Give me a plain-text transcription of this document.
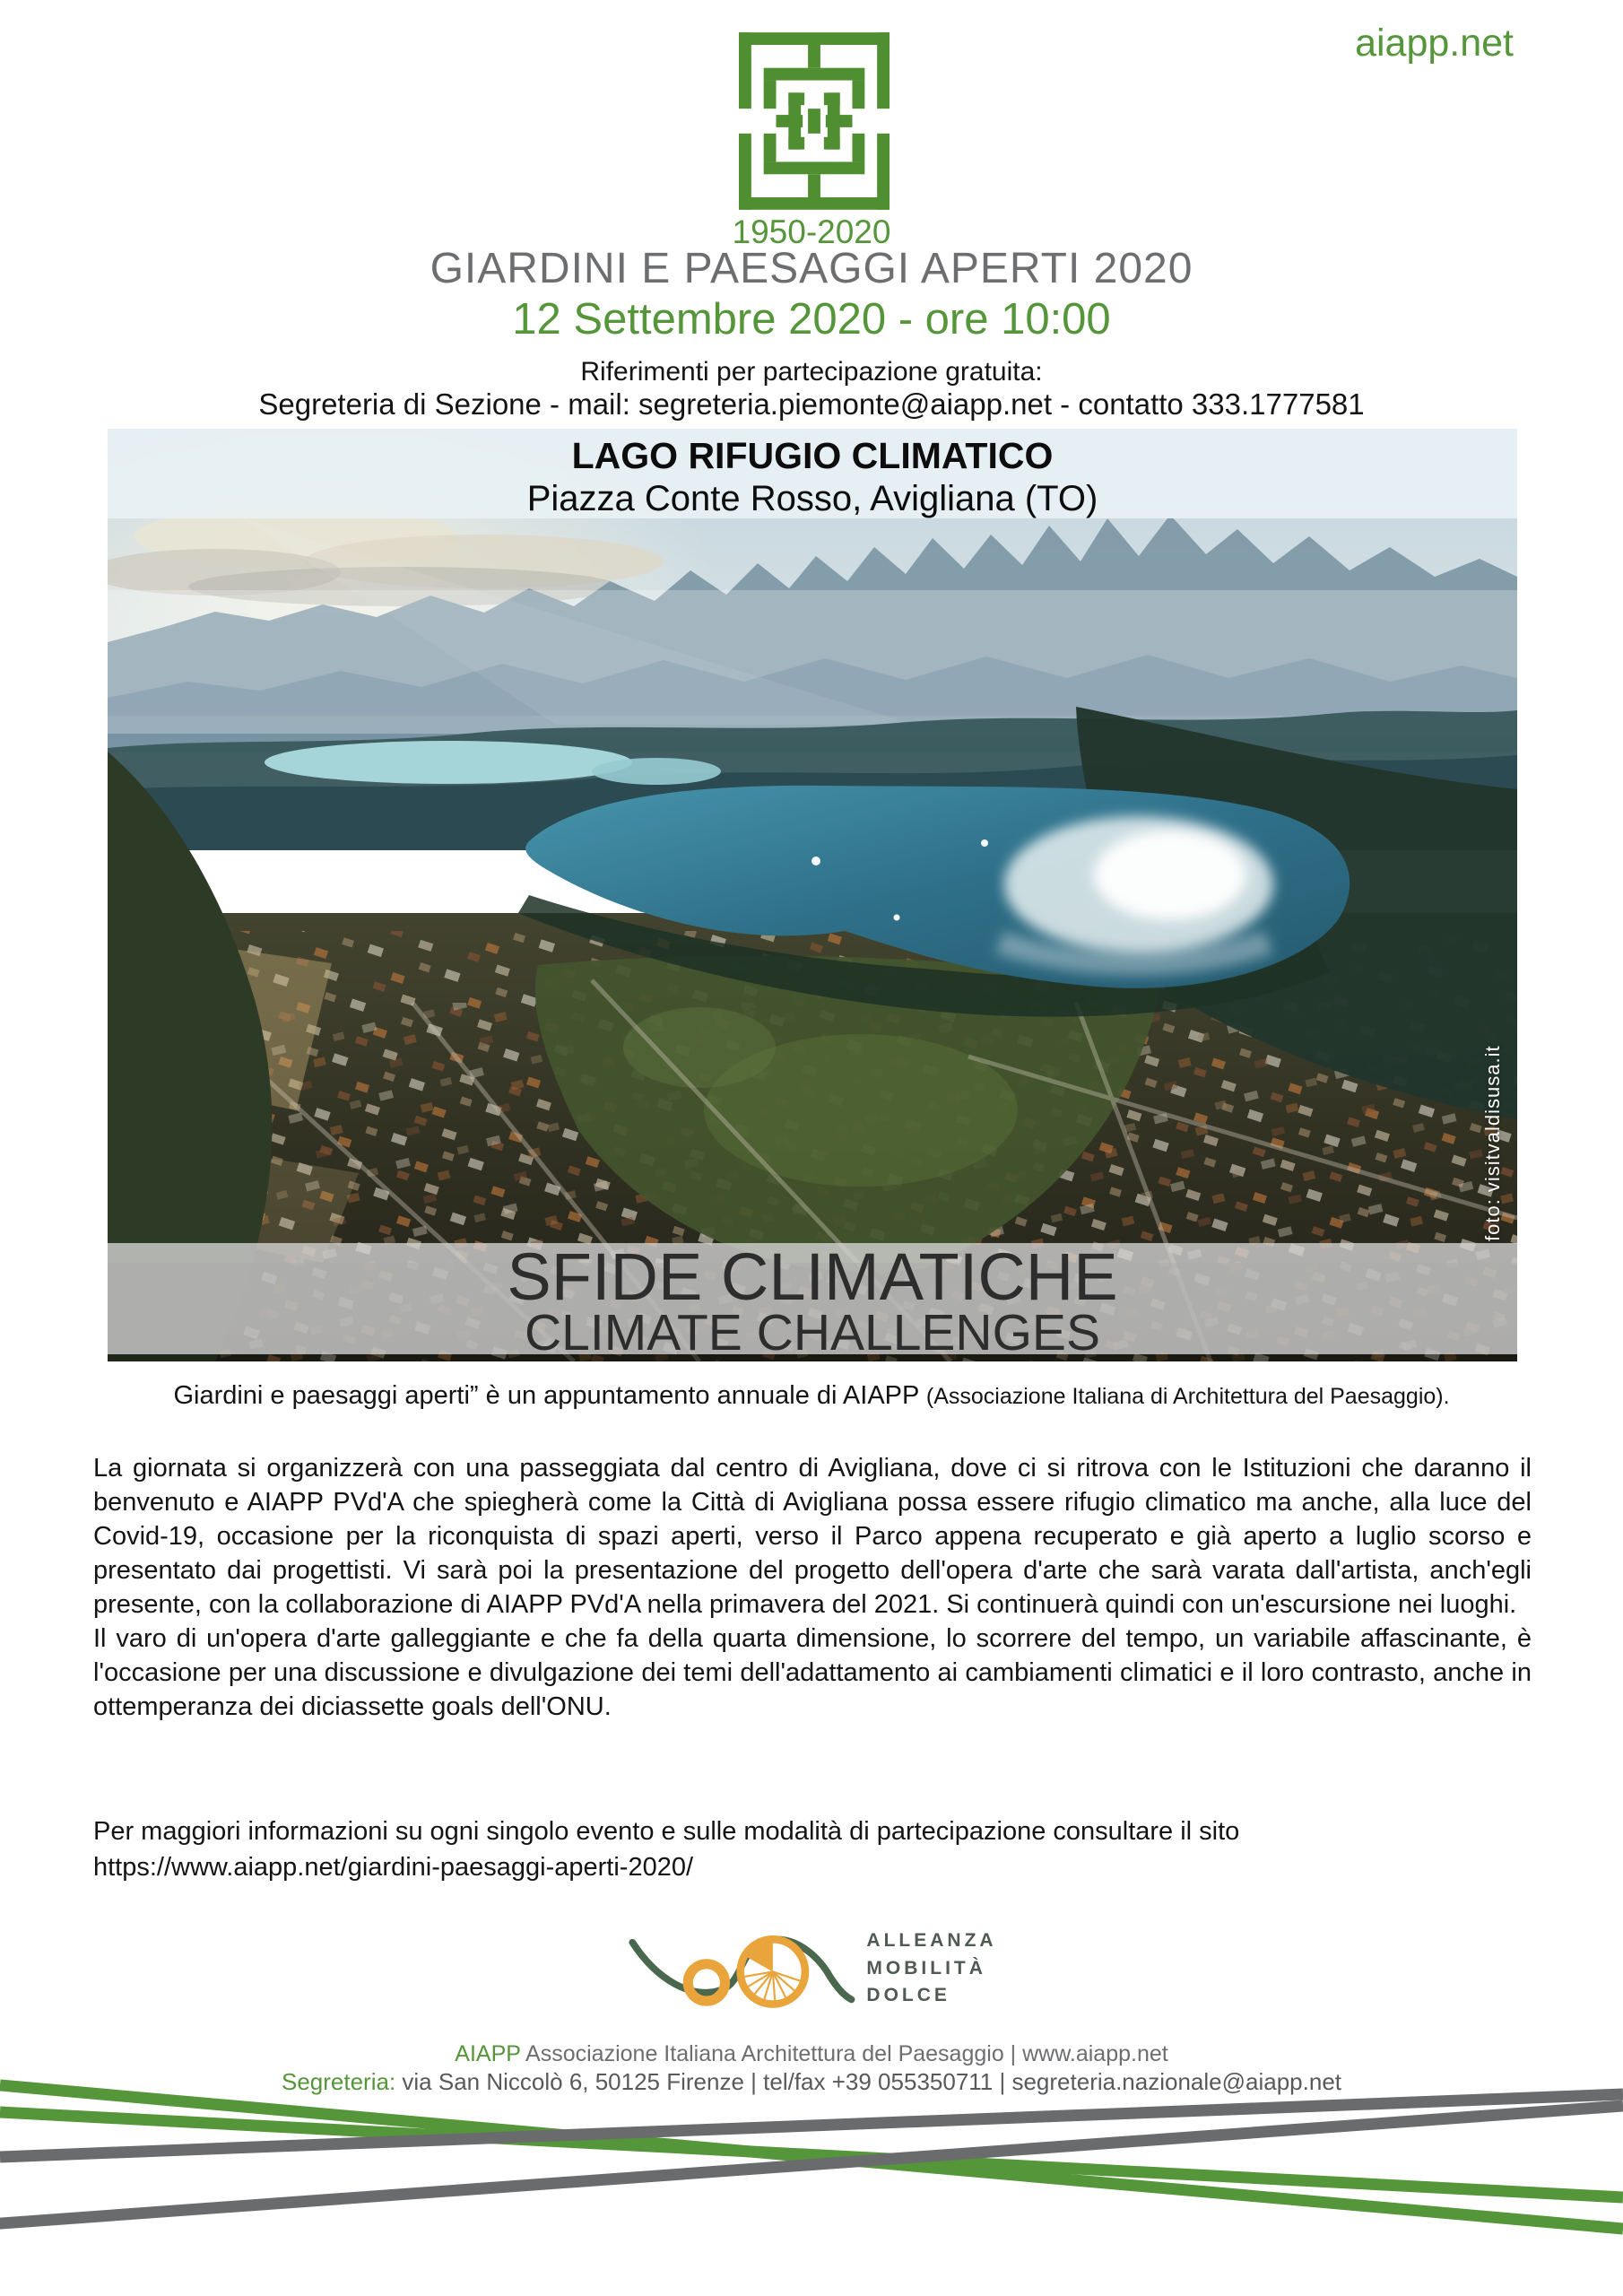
aiapp.net
1950-2020
GIARDINI E PAESAGGI APERTI 2020
12 Settembre 2020 - ore 10:00
Riferimenti per partecipazione gratuita:
Segreteria di Sezione - mail: segreteria.piemonte@aiapp.net - contatto 333.1777581
LAGO RIFUGIO CLIMATICO
Piazza Conte Rosso, Avigliana (TO)
foto: visitvaldisusa.it
SFIDE CLIMATICHE
CLIMATE CHALLENGES
Giardini e paesaggi aperti” è un appuntamento annuale di AIAPP (Associazione Italiana di Architettura del Paesaggio).

La giornata si organizzerà con una passeggiata dal centro di Avigliana, dove ci si ritrova con le Istituzioni che daranno il benvenuto e AIAPP PVd'A che spiegherà come la Città di Avigliana possa essere rifugio climatico ma anche, alla luce del Covid-19, occasione per la riconquista di spazi aperti, verso il Parco appena recuperato e già aperto a luglio scorso e presentato dai progettisti. Vi sarà poi la presentazione del progetto dell'opera d'arte che sarà varata dall'artista, anch'egli presente, con la collaborazione di AIAPP PVd'A nella primavera del 2021. Si continuerà quindi con un'escursione nei luoghi.

Il varo di un'opera d'arte galleggiante e che fa della quarta dimensione, lo scorrere del tempo, un variabile affascinante, è l'occasione per una discussione e divulgazione dei temi dell'adattamento ai cambiamenti climatici e il loro contrasto, anche in ottemperanza dei diciassette goals dell'ONU.

Per maggiori informazioni su ogni singolo evento e sulle modalità di partecipazione consultare il sito
https://www.aiapp.net/giardini-paesaggi-aperti-2020/
ALLEANZA
MOBILITÀ
DOLCE
AIAPP Associazione Italiana Architettura del Paesaggio | www.aiapp.net
Segreteria: via San Niccolò 6, 50125 Firenze | tel/fax +39 055350711 | segreteria.nazionale@aiapp.net
